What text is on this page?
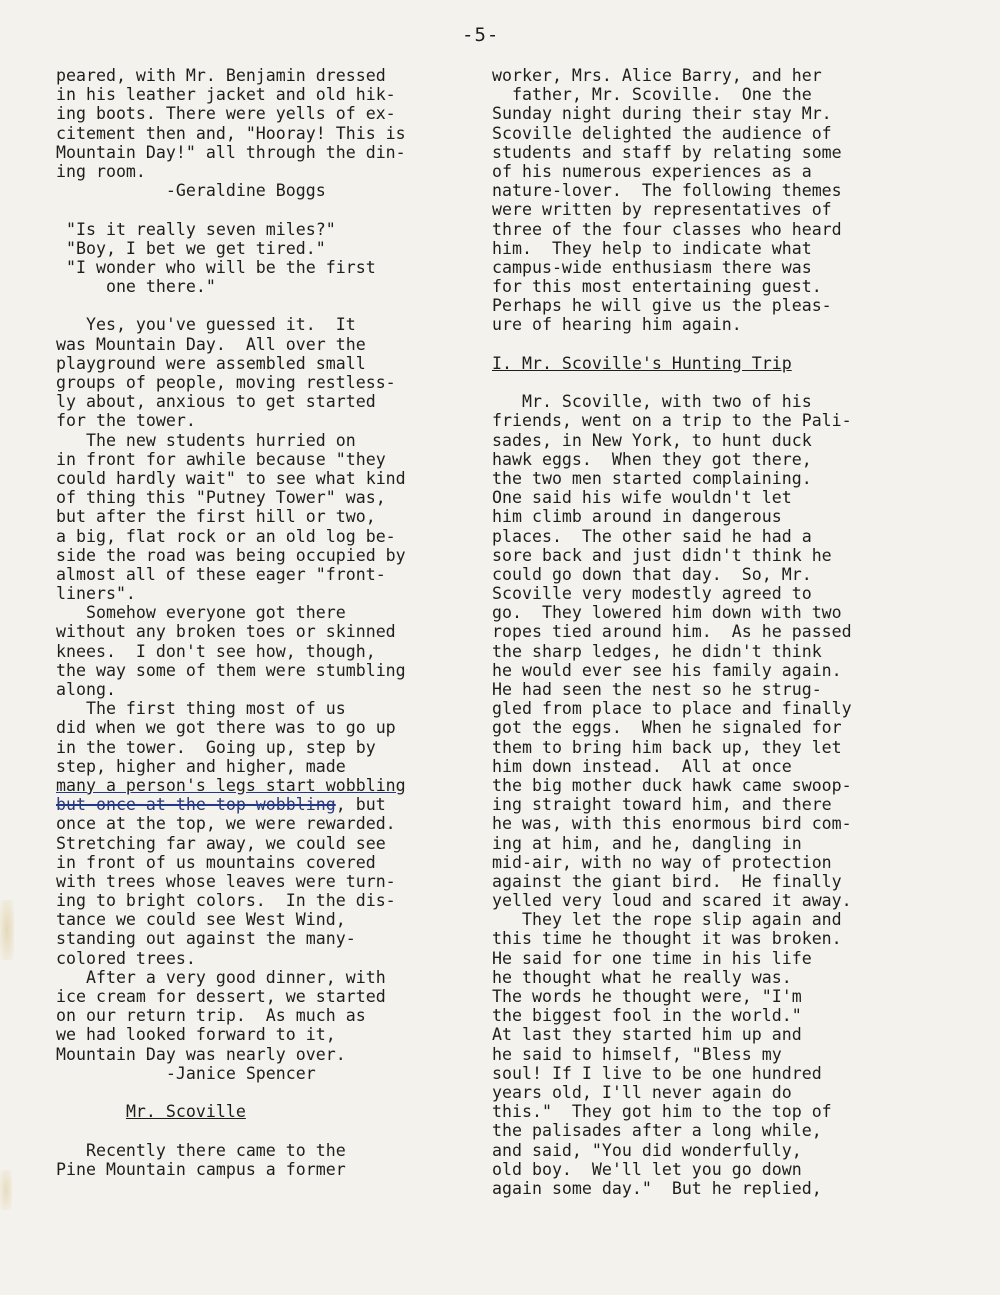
-5-
peared, with Mr. Benjamin dressed
in his leather jacket and old hik-
ing boots. There were yells of ex-
citement then and, "Hooray! This is
Mountain Day!" all through the din-
ing room.
-Geraldine Boggs
"Is it really seven miles?"
"Boy, I bet we get tired."
"I wonder who will be the first
one there."
Yes, you've guessed it.  It
was Mountain Day.  All over the
playground were assembled small
groups of people, moving restless-
ly about, anxious to get started
for the tower.
The new students hurried on
in front for awhile because "they
could hardly wait" to see what kind
of thing this "Putney Tower" was,
but after the first hill or two,
a big, flat rock or an old log be-
side the road was being occupied by
almost all of these eager "front-
liners".
Somehow everyone got there
without any broken toes or skinned
knees.  I don't see how, though,
the way some of them were stumbling
along.
The first thing most of us
did when we got there was to go up
in the tower.  Going up, step by
step, higher and higher, made
many a person's legs start wobbling
but once at the top wobbling, but
once at the top, we were rewarded.
Stretching far away, we could see
in front of us mountains covered
with trees whose leaves were turn-
ing to bright colors.  In the dis-
tance we could see West Wind,
standing out against the many-
colored trees.
After a very good dinner, with
ice cream for dessert, we started
on our return trip.  As much as
we had looked forward to it,
Mountain Day was nearly over.
-Janice Spencer
Mr. Scoville
Recently there came to the
Pine Mountain campus a former
worker, Mrs. Alice Barry, and her
father, Mr. Scoville.  One the
Sunday night during their stay Mr.
Scoville delighted the audience of
students and staff by relating some
of his numerous experiences as a
nature-lover.  The following themes
were written by representatives of
three of the four classes who heard
him.  They help to indicate what
campus-wide enthusiasm there was
for this most entertaining guest.
Perhaps he will give us the pleas-
ure of hearing him again.
I. Mr. Scoville's Hunting Trip
Mr. Scoville, with two of his
friends, went on a trip to the Pali-
sades, in New York, to hunt duck
hawk eggs.  When they got there,
the two men started complaining.
One said his wife wouldn't let
him climb around in dangerous
places.  The other said he had a
sore back and just didn't think he
could go down that day.  So, Mr.
Scoville very modestly agreed to
go.  They lowered him down with two
ropes tied around him.  As he passed
the sharp ledges, he didn't think
he would ever see his family again.
He had seen the nest so he strug-
gled from place to place and finally
got the eggs.  When he signaled for
them to bring him back up, they let
him down instead.  All at once
the big mother duck hawk came swoop-
ing straight toward him, and there
he was, with this enormous bird com-
ing at him, and he, dangling in
mid-air, with no way of protection
against the giant bird.  He finally
yelled very loud and scared it away.
They let the rope slip again and
this time he thought it was broken.
He said for one time in his life
he thought what he really was.
The words he thought were, "I'm
the biggest fool in the world."
At last they started him up and
he said to himself, "Bless my
soul! If I live to be one hundred
years old, I'll never again do
this."  They got him to the top of
the palisades after a long while,
and said, "You did wonderfully,
old boy.  We'll let you go down
again some day."  But he replied,
